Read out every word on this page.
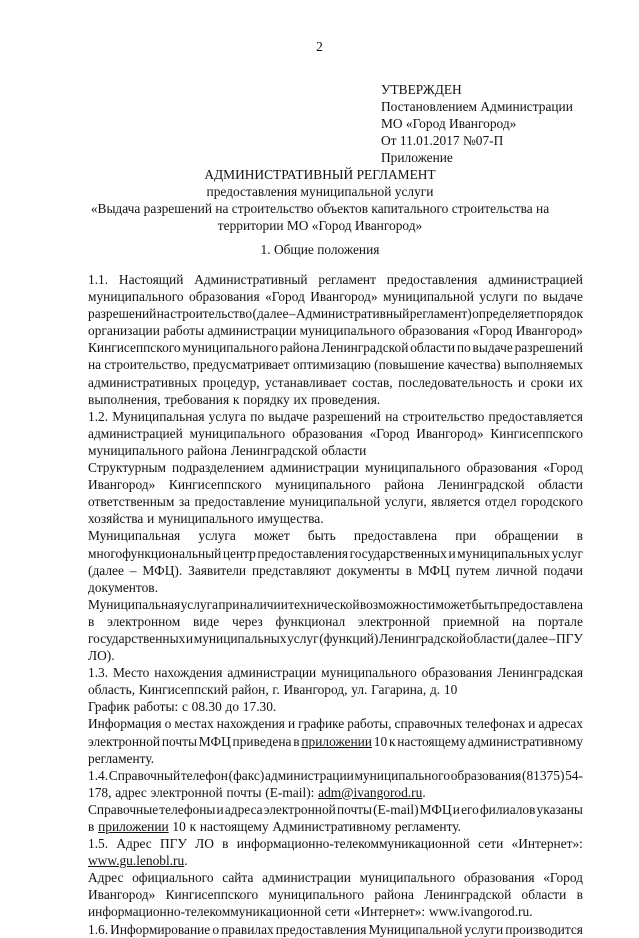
2
УТВЕРЖДЕН
Постановлением Администрации
МО «Город Ивангород»
От 11.01.2017 №07-П
Приложение
АДМИНИСТРАТИВНЫЙ РЕГЛАМЕНТ
предоставления муниципальной услуги
«Выдача разрешений на строительство объектов капитального строительства на
территории МО «Город Ивангород»
1. Общие положения
1.1. Настоящий Административный регламент предоставления администрацией
муниципального образования «Город Ивангород» муниципальной услуги по выдаче
разрешений на строительство (далее – Административный регламент) определяет порядок
организации работы администрации муниципального образования «Город Ивангород»
Кингисеппского муниципального района Ленинградской области по выдаче разрешений
на строительство, предусматривает оптимизацию (повышение качества) выполняемых
административных процедур, устанавливает состав, последовательность и сроки их
выполнения, требования к порядку их проведения.
1.2. Муниципальная услуга по выдаче разрешений на строительство предоставляется
администрацией муниципального образования «Город Ивангород» Кингисеппского
муниципального района Ленинградской области
Структурным подразделением администрации муниципального образования «Город
Ивангород» Кингисеппского муниципального района Ленинградской области
ответственным за предоставление муниципальной услуги, является отдел городского
хозяйства и муниципального имущества.
Муниципальная услуга может быть предоставлена при обращении в
многофункциональный центр предоставления государственных и муниципальных услуг
(далее – МФЦ). Заявители представляют документы в МФЦ путем личной подачи
документов.
Муниципальная услуга при наличии технической возможности может быть предоставлена
в электронном виде через функционал электронной приемной на портале
государственных и муниципальных услуг (функций) Ленинградской области (далее – ПГУ
ЛО).
1.3. Место нахождения администрации муниципального образования Ленинградская
область, Кингисеппский район, г. Ивангород, ул. Гагарина, д. 10
График работы: с 08.30 до 17.30.
Информация о местах нахождения и графике работы, справочных телефонах и адресах
электронной почты МФЦ приведена в приложении 10 к настоящему административному
регламенту.
1.4. Справочный телефон (факс) администрации муниципального образования (81375) 54-
178, адрес электронной почты (E-mail): adm@ivangorod.ru.
Справочные телефоны и адреса электронной почты (E-mail) МФЦ и его филиалов указаны
в приложении 10 к настоящему Административному регламенту.
1.5. Адрес ПГУ ЛО в информационно-телекоммуникационной сети «Интернет»:
www.gu.lenobl.ru.
Адрес официального сайта администрации муниципального образования «Город
Ивангород» Кингисеппского муниципального района Ленинградской области в
информационно-телекоммуникационной сети «Интернет»: www.ivangorod.ru.
1.6. Информирование о правилах предоставления Муниципальной услуги производится
